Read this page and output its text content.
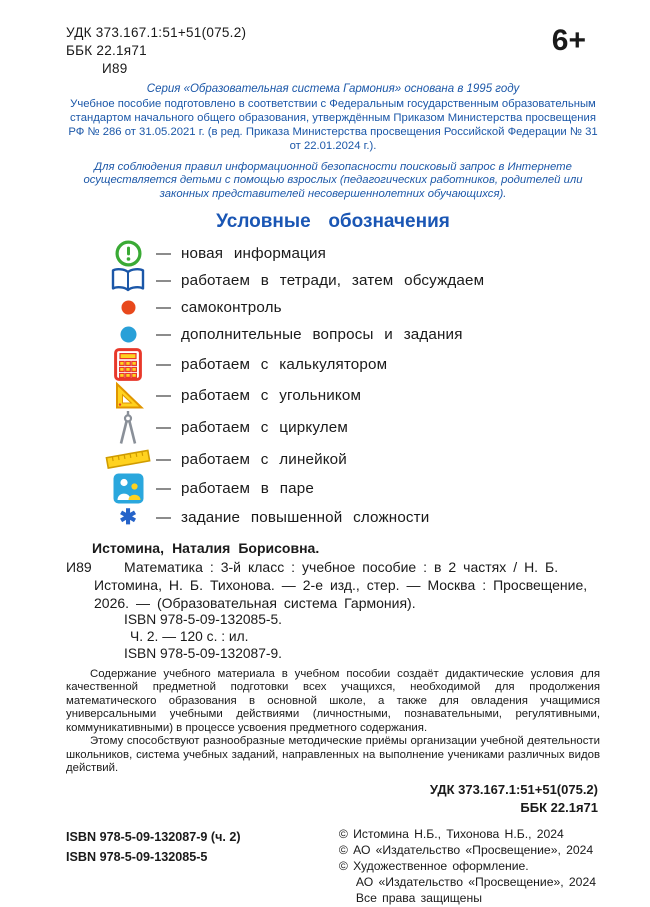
УДК 373.167.1:51+51(075.2)
ББК 22.1я71
И89
6+
Серия «Образовательная система Гармония» основана в 1995 году
Учебное пособие подготовлено в соответствии с Федеральным государственным образовательным стандартом начального общего образования, утверждённым Приказом Министерства просвещения РФ № 286 от 31.05.2021 г. (в ред. Приказа Министерства просвещения Российской Федерации № 31 от 22.01.2024 г.).
Для соблюдения правил информационной безопасности поисковый запрос в Интернете осуществляется детьми с помощью взрослых (педагогических работников, родителей или законных представителей несовершеннолетних обучающихся).
Условные обозначения
— новая информация
— работаем в тетради, затем обсуждаем
— самоконтроль
— дополнительные вопросы и задания
— работаем с калькулятором
— работаем с угольником
— работаем с циркулем
— работаем с линейкой
— работаем в паре
✱ — задание повышенной сложности
Истомина, Наталия Борисовна.
И89 Математика : 3-й класс : учебное пособие : в 2 частях / Н. Б. Истомина, Н. Б. Тихонова. — 2-е изд., стер. — Москва : Просвещение, 2026. — (Образовательная система Гармония).
ISBN 978-5-09-132085-5.
Ч. 2. — 120 с. : ил.
ISBN 978-5-09-132087-9.

Содержание учебного материала в учебном пособии создаёт дидактические условия для качественной предметной подготовки всех учащихся, необходимой для продолжения математического образования в основной школе, а также для овладения учащимися универсальными учебными действиями (личностными, познавательными, регулятивными, коммуникативными) в процессе усвоения предметного содержания.

Этому способствуют разнообразные методические приёмы организации учебной деятельности школьников, система учебных заданий, направленных на выполнение учениками различных видов действий.

УДК 373.167.1:51+51(075.2)
ББК 22.1я71
ISBN 978-5-09-132087-9 (ч. 2)
ISBN 978-5-09-132085-5
© Истомина Н.Б., Тихонова Н.Б., 2024
© АО «Издательство «Просвещение», 2024
© Художественное оформление.
АО «Издательство «Просвещение», 2024
Все права защищены
